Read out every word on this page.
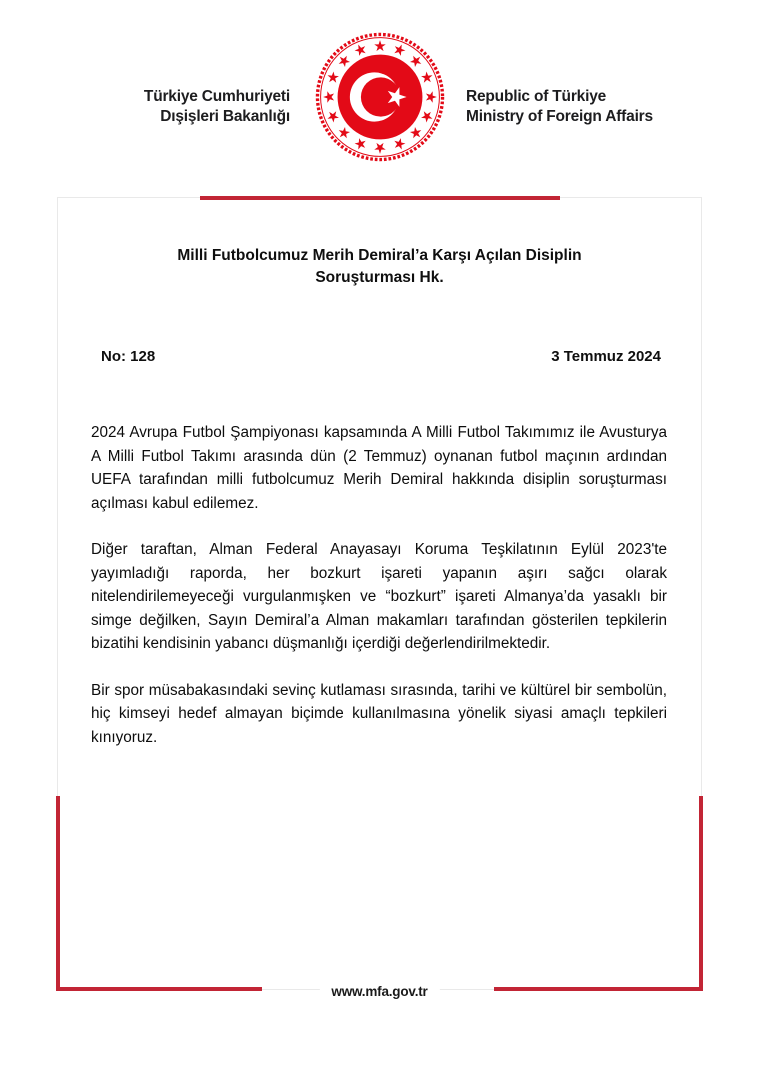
Türkiye Cumhuriyeti
Dışişleri Bakanlığı
Republic of Türkiye
Ministry of Foreign Affairs
Milli Futbolcumuz Merih Demiral’a Karşı Açılan Disiplin Soruşturması Hk.
No: 128	3 Temmuz 2024

2024 Avrupa Futbol Şampiyonası kapsamında A Milli Futbol Takımımız ile Avusturya A Milli Futbol Takımı arasında dün (2 Temmuz) oynanan futbol maçının ardından UEFA tarafından milli futbolcumuz Merih Demiral hakkında disiplin soruşturması açılması kabul edilemez.

Diğer taraftan, Alman Federal Anayasayı Koruma Teşkilatının Eylül 2023'te yayımladığı raporda, her bozkurt işareti yapanın aşırı sağcı olarak nitelendirilemeyeceği vurgulanmışken ve “bozkurt” işareti Almanya’da yasaklı bir simge değilken, Sayın Demiral’a Alman makamları tarafından gösterilen tepkilerin bizatihi kendisinin yabancı düşmanlığı içerdiği değerlendirilmektedir.

Bir spor müsabakasındaki sevinç kutlaması sırasında, tarihi ve kültürel bir sembolün, hiç kimseyi hedef almayan biçimde kullanılmasına yönelik siyasi amaçlı tepkileri kınıyoruz.

www.mfa.gov.tr
